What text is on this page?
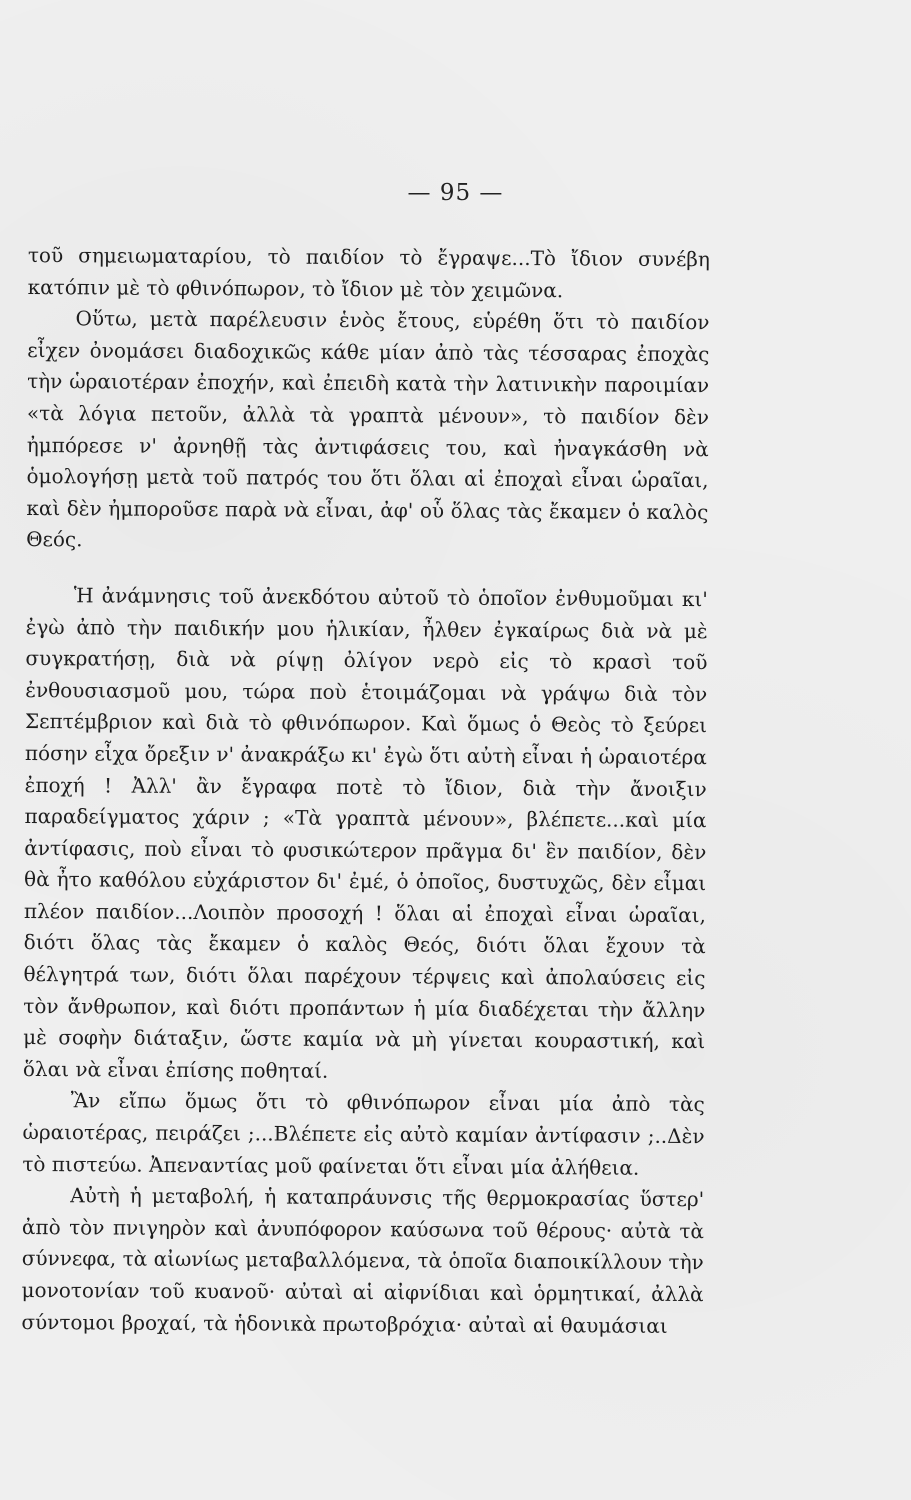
— 95 —

τοῦ σημειωματαρίου, τὸ παιδίον τὸ ἔγραψε...Τὸ ἴδιον συνέβη κατόπιν μὲ τὸ φθινόπωρον, τὸ ἴδιον μὲ τὸν χειμῶνα.

Οὕτω, μετὰ παρέλευσιν ἑνὸς ἔτους, εὑρέθη ὅτι τὸ παιδίον εἶχεν ὀνομάσει διαδοχικῶς κάθε μίαν ἀπὸ τὰς τέσσαρας ἐποχὰς τὴν ὡραιοτέραν ἐποχήν, καὶ ἐπειδὴ κατὰ τὴν λατινικὴν παροιμίαν «τὰ λόγια πετοῦν, ἀλλὰ τὰ γραπτὰ μένουν», τὸ παιδίον δὲν ἠμπόρεσε ν' ἀρνηθῇ τὰς ἀντιφάσεις του, καὶ ἠναγκάσθη νὰ ὁμολογήσῃ μετὰ τοῦ πατρός του ὅτι ὅλαι αἱ ἐποχαὶ εἶναι ὡραῖαι, καὶ δὲν ἠμποροῦσε παρὰ νὰ εἶναι, ἀφ' οὗ ὅλας τὰς ἔκαμεν ὁ καλὸς Θεός.

Ἡ ἀνάμνησις τοῦ ἀνεκδότου αὐτοῦ τὸ ὁποῖον ἐνθυμοῦμαι κι' ἐγὼ ἀπὸ τὴν παιδικήν μου ἡλικίαν, ἦλθεν ἐγκαίρως διὰ νὰ μὲ συγκρατήσῃ, διὰ νὰ ρίψῃ ὀλίγον νερὸ εἰς τὸ κρασὶ τοῦ ἐνθουσιασμοῦ μου, τώρα ποὺ ἑτοιμάζομαι νὰ γράψω διὰ τὸν Σεπτέμβριον καὶ διὰ τὸ φθινόπωρον. Καὶ ὅμως ὁ Θεὸς τὸ ξεύρει πόσην εἶχα ὄρεξιν ν' ἀνακράξω κι' ἐγὼ ὅτι αὐτὴ εἶναι ἡ ὡραιοτέρα ἐποχή ! Ἀλλ' ἂν ἔγραφα ποτὲ τὸ ἴδιον, διὰ τὴν ἄνοιξιν παραδείγματος χάριν ; «Τὰ γραπτὰ μένουν», βλέπετε...καὶ μία ἀντίφασις, ποὺ εἶναι τὸ φυσικώτερον πρᾶγμα δι' ἓν παιδίον, δὲν θὰ ἦτο καθόλου εὐχάριστον δι' ἐμέ, ὁ ὁποῖος, δυστυχῶς, δὲν εἶμαι πλέον παιδίον...Λοιπὸν προσοχή ! ὅλαι αἱ ἐποχαὶ εἶναι ὡραῖαι, διότι ὅλας τὰς ἔκαμεν ὁ καλὸς Θεός, διότι ὅλαι ἔχουν τὰ θέλγητρά των, διότι ὅλαι παρέχουν τέρψεις καὶ ἀπολαύσεις εἰς τὸν ἄνθρωπον, καὶ διότι προπάντων ἡ μία διαδέχεται τὴν ἄλλην μὲ σοφὴν διάταξιν, ὥστε καμία νὰ μὴ γίνεται κουραστική, καὶ ὅλαι νὰ εἶναι ἐπίσης ποθηταί.

Ἂν εἴπω ὅμως ὅτι τὸ φθινόπωρον εἶναι μία ἀπὸ τὰς ὡραιοτέρας, πειράζει ;...Βλέπετε εἰς αὐτὸ καμίαν ἀντίφασιν ;..Δὲν τὸ πιστεύω. Ἀπεναντίας μοῦ φαίνεται ὅτι εἶναι μία ἀλήθεια.

Αὐτὴ ἡ μεταβολή, ἡ καταπράυνσις τῆς θερμοκρασίας ὕστερ' ἀπὸ τὸν πνιγηρὸν καὶ ἀνυπόφορον καύσωνα τοῦ θέρους· αὐτὰ τὰ σύννεφα, τὰ αἰωνίως μεταβαλλόμενα, τὰ ὁποῖα διαποικίλλουν τὴν μονοτονίαν τοῦ κυανοῦ· αὐταὶ αἱ αἰφνίδιαι καὶ ὁρμητικαί, ἀλλὰ σύντομοι βροχαί, τὰ ἡδονικὰ πρωτοβρόχια· αὐταὶ αἱ θαυμάσιαι
